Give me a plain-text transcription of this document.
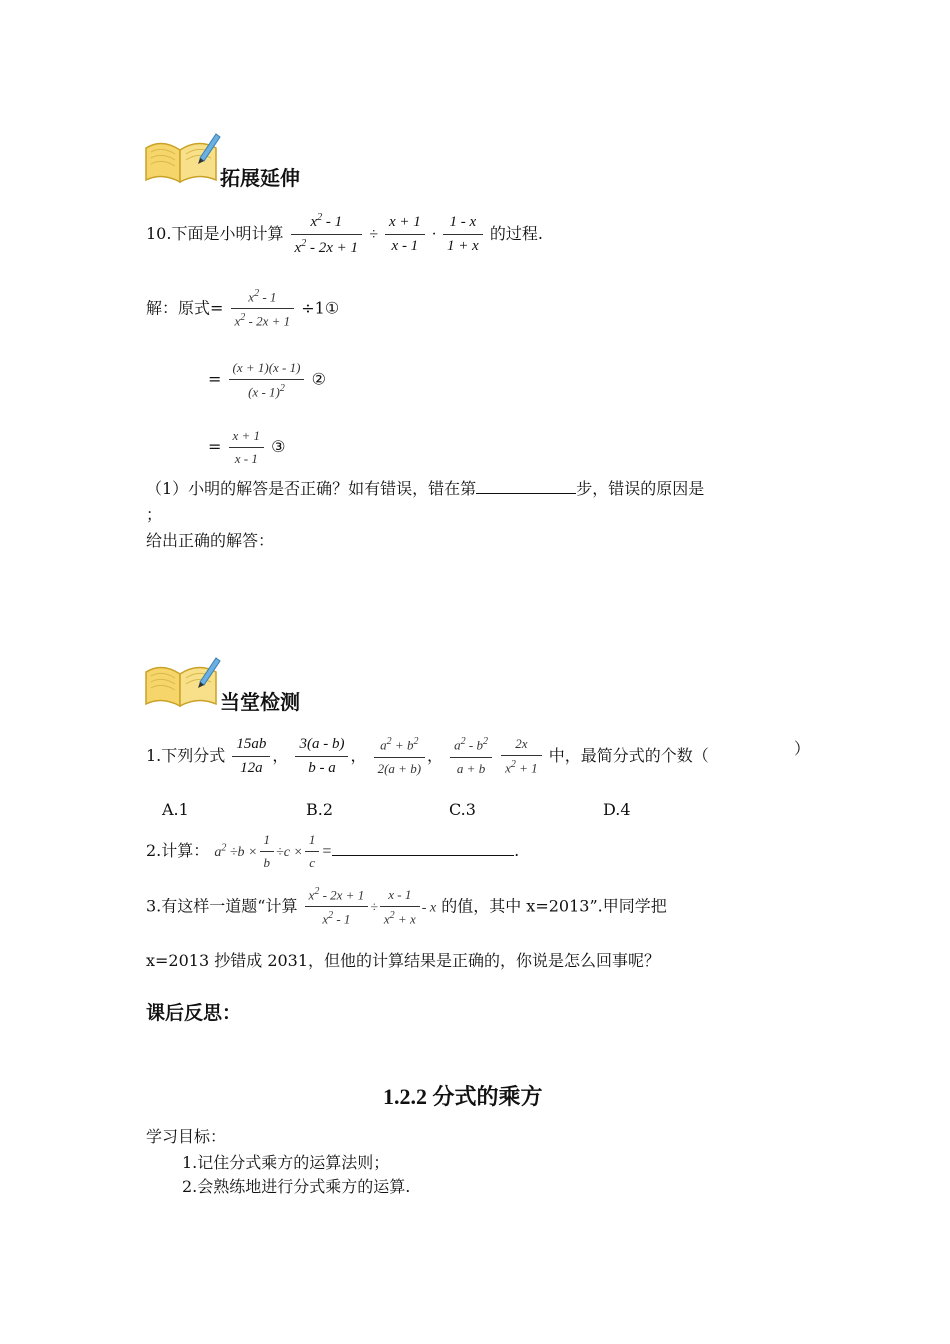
拓展延伸
10.下面是小明计算 $\frac{x^2 - 1}{x^2 - 2x + 1} \div \frac{x + 1}{x - 1} \cdot \frac{1 - x}{1 + x}$ 的过程.
解：原式= $\frac{x^2 - 1}{x^2 - 2x + 1}$ ÷1①
= $\frac{(x + 1)(x - 1)}{(x - 1)^2}$ ②
= $\frac{x + 1}{x - 1}$ ③
（1）小明的解答是否正确？如有错误，错在第	步，错误的原因是
；
给出正确的解答：
当堂检测
1.下列分式 $\frac{15ab}{12a}$ ， $\frac{3(a - b)}{b - a}$ ， $\frac{a^2 + b^2}{2(a + b)}$ ， $\frac{a^2 - b^2}{a + b}$
$\frac{2x}{x^2 + 1}$ 中，最简分式的个数（	）
A.1	B.2	C.3	D.4
2.计算： $a^2 \div b \times \frac{1}{b} \div c \times \frac{1}{c}$ =	.
3.有这样一道题“计算 $\frac{x^2 - 2x + 1}{x^2 - 1} \div \frac{x - 1}{x^2 + x} - x$ 的值，其中 x=2013”.甲同学把
x=2013 抄错成 2031，但他的计算结果是正确的，你说是怎么回事呢？
课后反思：
1.2.2 分式的乘方
学习目标：
1.记住分式乘方的运算法则；
2.会熟练地进行分式乘方的运算.
